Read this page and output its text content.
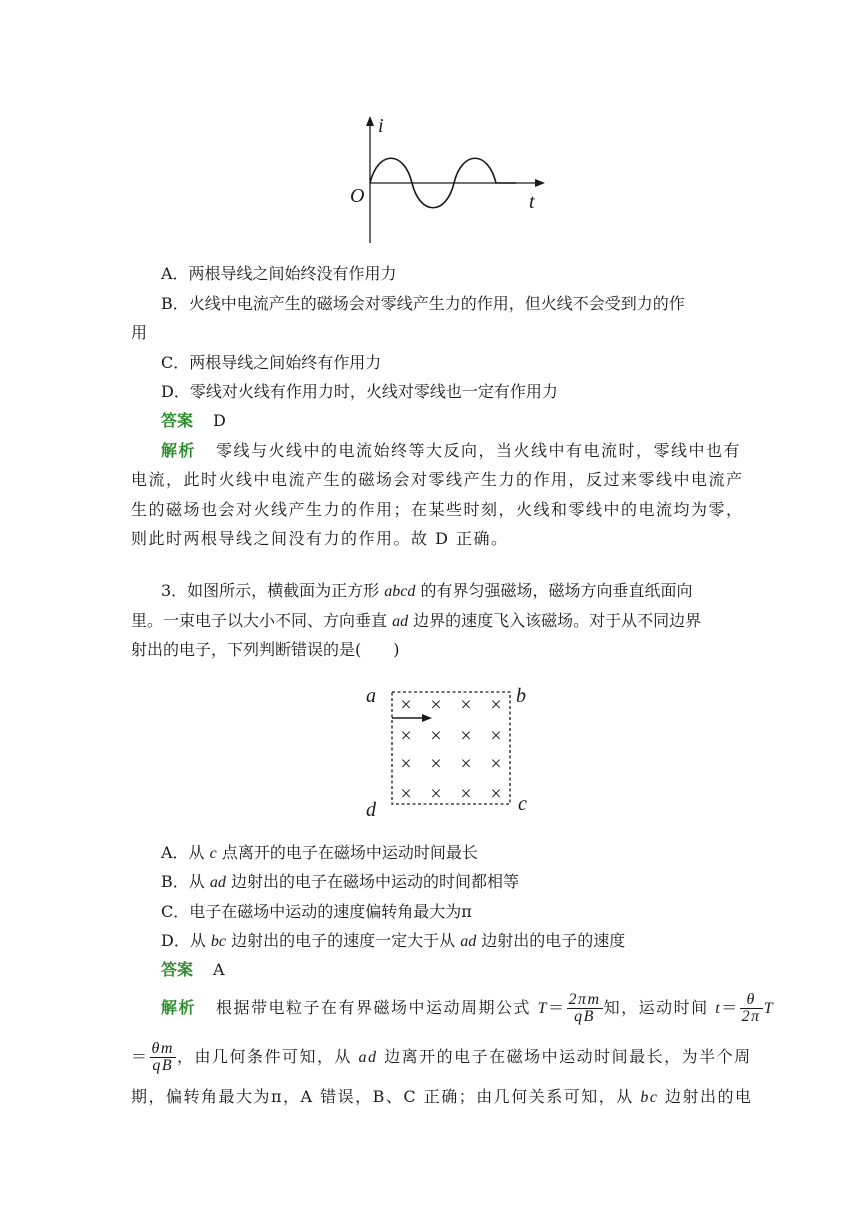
i
O	t
A．两根导线之间始终没有作用力
B．火线中电流产生的磁场会对零线产生力的作用，但火线不会受到力的作
用
C．两根导线之间始终有作用力
D．零线对火线有作用力时，火线对零线也一定有作用力
答案 D
解析 零线与火线中的电流始终等大反向，当火线中有电流时，零线中也有
电流，此时火线中电流产生的磁场会对零线产生力的作用，反过来零线中电流产
生的磁场也会对火线产生力的作用；在某些时刻，火线和零线中的电流均为零，
则此时两根导线之间没有力的作用。故 D 正确。
3．如图所示，横截面为正方形 abcd 的有界匀强磁场，磁场方向垂直纸面向
里。一束电子以大小不同、方向垂直 ad 边界的速度飞入该磁场。对于从不同边界
射出的电子，下列判断错误的是(　　)
× × × ×
× × × ×
× × × ×
× × × ×
a	b
d	c
A．从 c 点离开的电子在磁场中运动时间最长
B．从 ad 边射出的电子在磁场中运动的时间都相等
C．电子在磁场中运动的速度偏转角最大为π
D．从 bc 边射出的电子的速度一定大于从 ad 边射出的电子的速度
答案 A
解析 根据带电粒子在有界磁场中运动周期公式 $T= \frac{2\pi m}{qB}$ 知，运动时间 $t= \frac{\theta}{2\pi}$ T
＝ $\frac{\theta m}{qB}$ ，由几何条件可知，从 ad 边离开的电子在磁场中运动时间最长，为半个周
期，偏转角最大为π，A 错误，B、C 正确；由几何关系可知，从 bc 边射出的电
